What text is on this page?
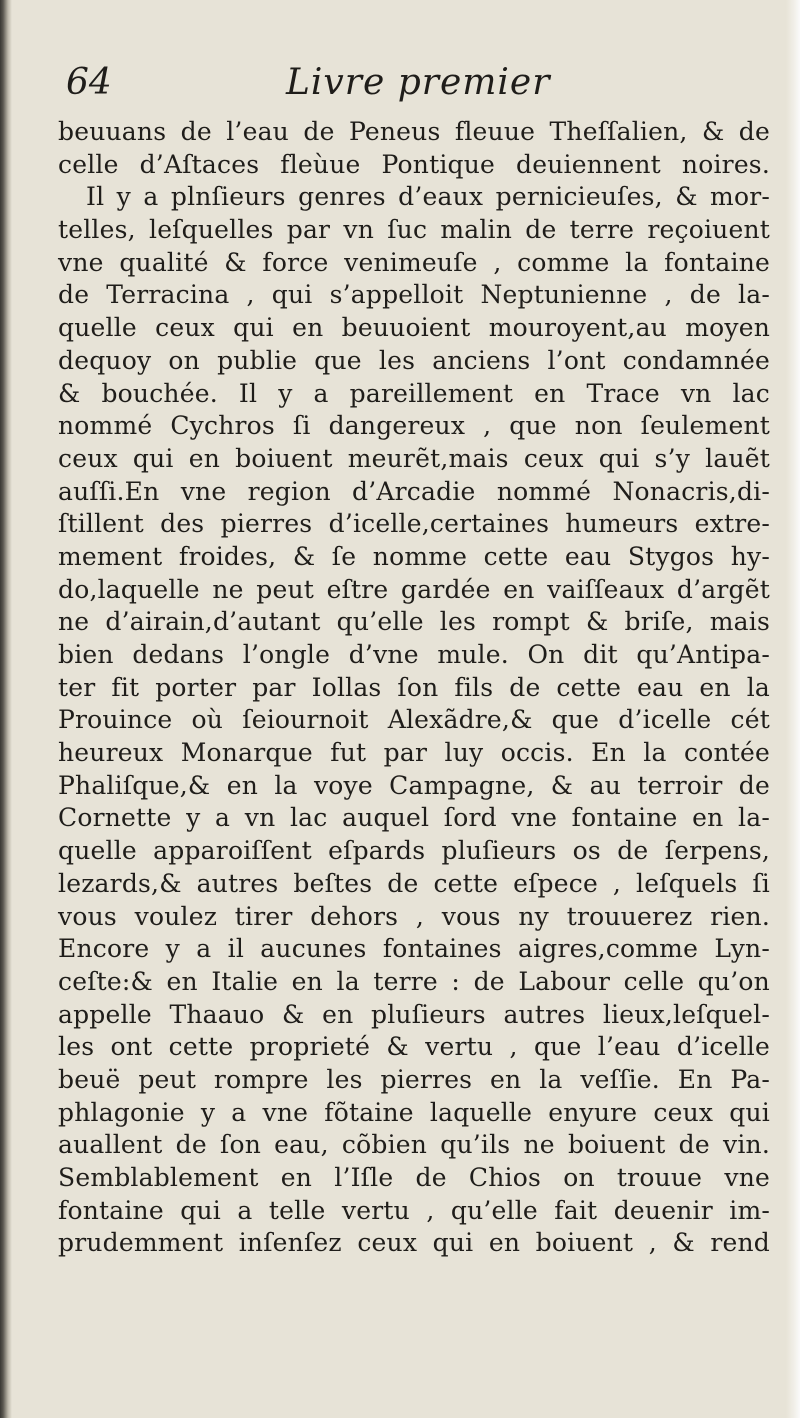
64	Livre premier
beuuans de l’eau de Peneus fleuue Theſſalien, & de
celle d’Aſtaces fleùue Pontique deuiennent noires.
Il y a plnſieurs genres d’eaux pernicieuſes, & mor-
telles, leſquelles par vn ſuc malin de terre reçoiuent
vne qualité & force venimeuſe , comme la fontaine
de Terracina , qui s’appelloit Neptunienne , de la-
quelle ceux qui en beuuoient mouroyent,au moyen
dequoy on publie que les anciens l’ont condamnée
& bouchée. Il y a pareillement en Trace vn lac
nommé Cychros ſi dangereux , que non ſeulement
ceux qui en boiuent meurẽt,mais ceux qui s’y lauẽt
auſſi.En vne region d’Arcadie nommé Nonacris,di-
ſtillent des pierres d’icelle,certaines humeurs extre-
mement froides, & ſe nomme cette eau Stygos hy-
do,laquelle ne peut eſtre gardée en vaiſſeaux d’argẽt
ne d’airain,d’autant qu’elle les rompt & briſe, mais
bien dedans l’ongle d’vne mule. On dit qu’Antipa-
ter fit porter par Iollas ſon fils de cette eau en la
Prouince où ſeiournoit Alexãdre,& que d’icelle cét
heureux Monarque fut par luy occis. En la contée
Phaliſque,& en la voye Campagne, & au terroir de
Cornette y a vn lac auquel ſord vne fontaine en la-
quelle apparoiſſent eſpards pluſieurs os de ſerpens,
lezards,& autres beſtes de cette eſpece , leſquels ſi
vous voulez tirer dehors , vous ny trouuerez rien.
Encore y a il aucunes fontaines aigres,comme Lyn-
ceſte:& en Italie en la terre : de Labour celle qu’on
appelle Thaauo & en pluſieurs autres lieux,leſquel-
les ont cette proprieté & vertu , que l’eau d’icelle
beuë peut rompre les pierres en la veſſie. En Pa-
phlagonie y a vne fõtaine laquelle enyure ceux qui
auallent de ſon eau, cõbien qu’ils ne boiuent de vin.
Semblablement en l’Iſle de Chios on trouue vne
fontaine qui a telle vertu , qu’elle fait deuenir im-
prudemment inſenſez ceux qui en boiuent , & rend
